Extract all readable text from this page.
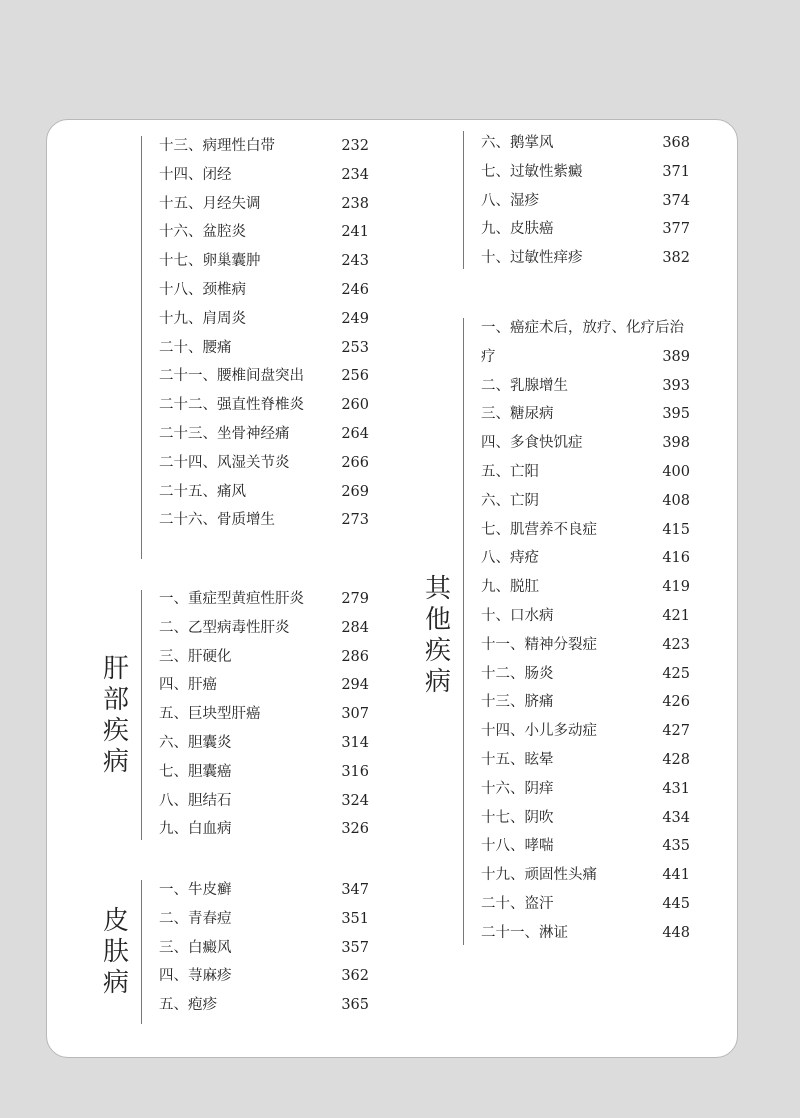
肝
部
疾
病
皮
肤
病
其
他
疾
病
十三、病理性白带	232
十四、闭经	234
十五、月经失调	238
十六、盆腔炎	241
十七、卵巢囊肿	243
十八、颈椎病	246
十九、肩周炎	249
二十、腰痛	253
二十一、腰椎间盘突出	256
二十二、强直性脊椎炎	260
二十三、坐骨神经痛	264
二十四、风湿关节炎	266
二十五、痛风	269
二十六、骨质增生	273
一、重症型黄疸性肝炎	279
二、乙型病毒性肝炎	284
三、肝硬化	286
四、肝癌	294
五、巨块型肝癌	307
六、胆囊炎	314
七、胆囊癌	316
八、胆结石	324
九、白血病	326
一、牛皮癣	347
二、青春痘	351
三、白癜风	357
四、荨麻疹	362
五、疱疹	365
六、鹅掌风	368
七、过敏性紫癜	371
八、湿疹	374
九、皮肤癌	377
十、过敏性痒疹	382
一、癌症术后，放疗、化疗后治疗	389
二、乳腺增生	393
三、糖尿病	395
四、多食快饥症	398
五、亡阳	400
六、亡阴	408
七、肌营养不良症	415
八、痔疮	416
九、脱肛	419
十、口水病	421
十一、精神分裂症	423
十二、肠炎	425
十三、脐痛	426
十四、小儿多动症	427
十五、眩晕	428
十六、阴痒	431
十七、阴吹	434
十八、哮喘	435
十九、顽固性头痛	441
二十、盗汗	445
二十一、淋证	448
